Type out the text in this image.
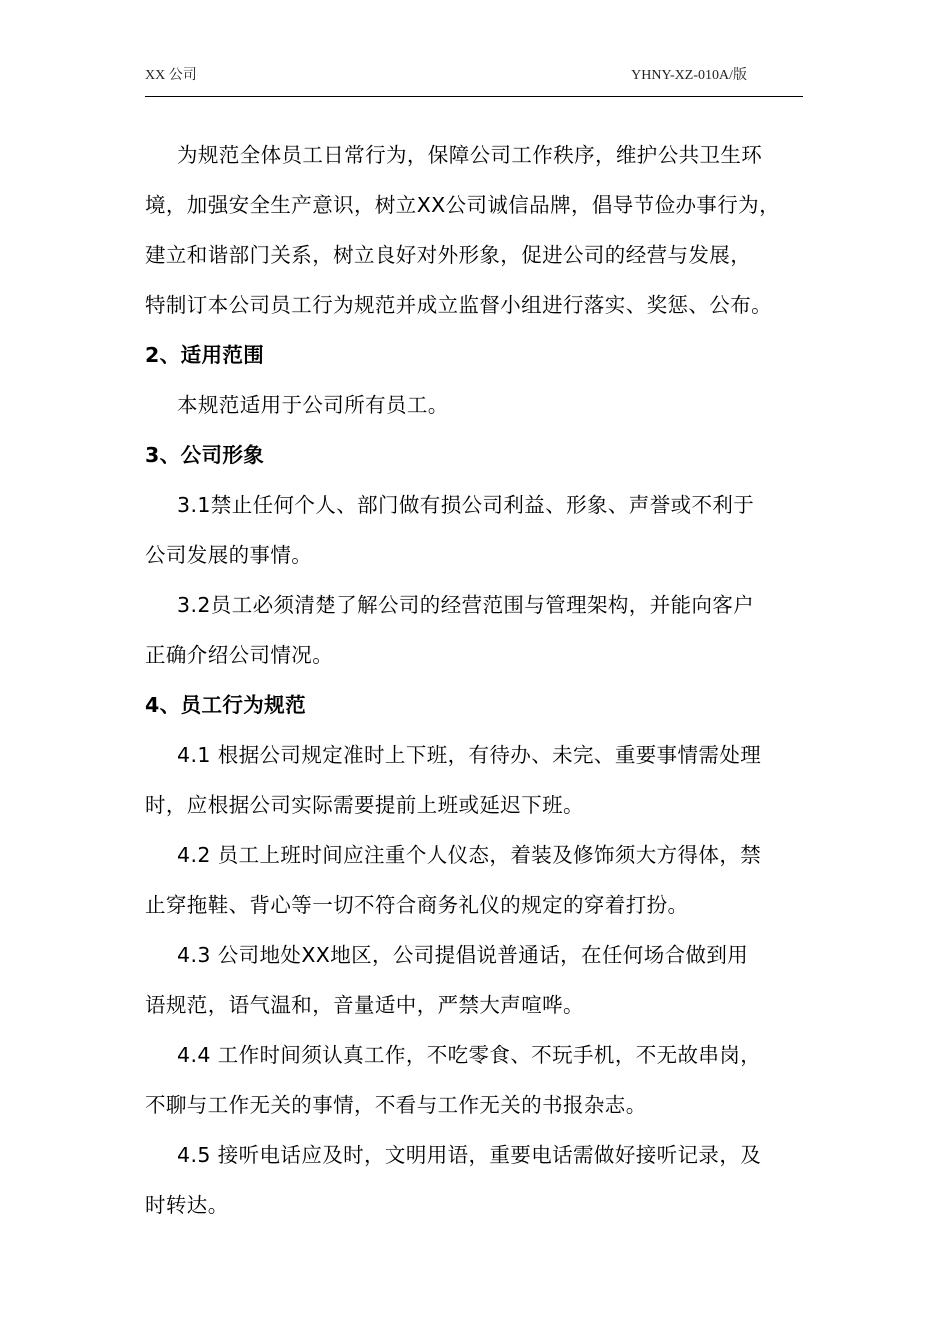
XX 公司	YHNY-XZ-010A/版

为规范全体员工日常行为，保障公司工作秩序，维护公共卫生环

境，加强安全生产意识，树立XX公司诚信品牌，倡导节俭办事行为，

建立和谐部门关系，树立良好对外形象，促进公司的经营与发展，

特制订本公司员工行为规范并成立监督小组进行落实、奖惩、公布。

2、适用范围

本规范适用于公司所有员工。

3、公司形象

3.1禁止任何个人、部门做有损公司利益、形象、声誉或不利于

公司发展的事情。

3.2员工必须清楚了解公司的经营范围与管理架构，并能向客户

正确介绍公司情况。

4、员工行为规范

4.1 根据公司规定准时上下班，有待办、未完、重要事情需处理

时，应根据公司实际需要提前上班或延迟下班。

4.2 员工上班时间应注重个人仪态，着装及修饰须大方得体，禁

止穿拖鞋、背心等一切不符合商务礼仪的规定的穿着打扮。

4.3 公司地处XX地区，公司提倡说普通话，在任何场合做到用

语规范，语气温和，音量适中，严禁大声喧哗。

4.4 工作时间须认真工作，不吃零食、不玩手机，不无故串岗，

不聊与工作无关的事情，不看与工作无关的书报杂志。

4.5 接听电话应及时，文明用语，重要电话需做好接听记录，及

时转达。
